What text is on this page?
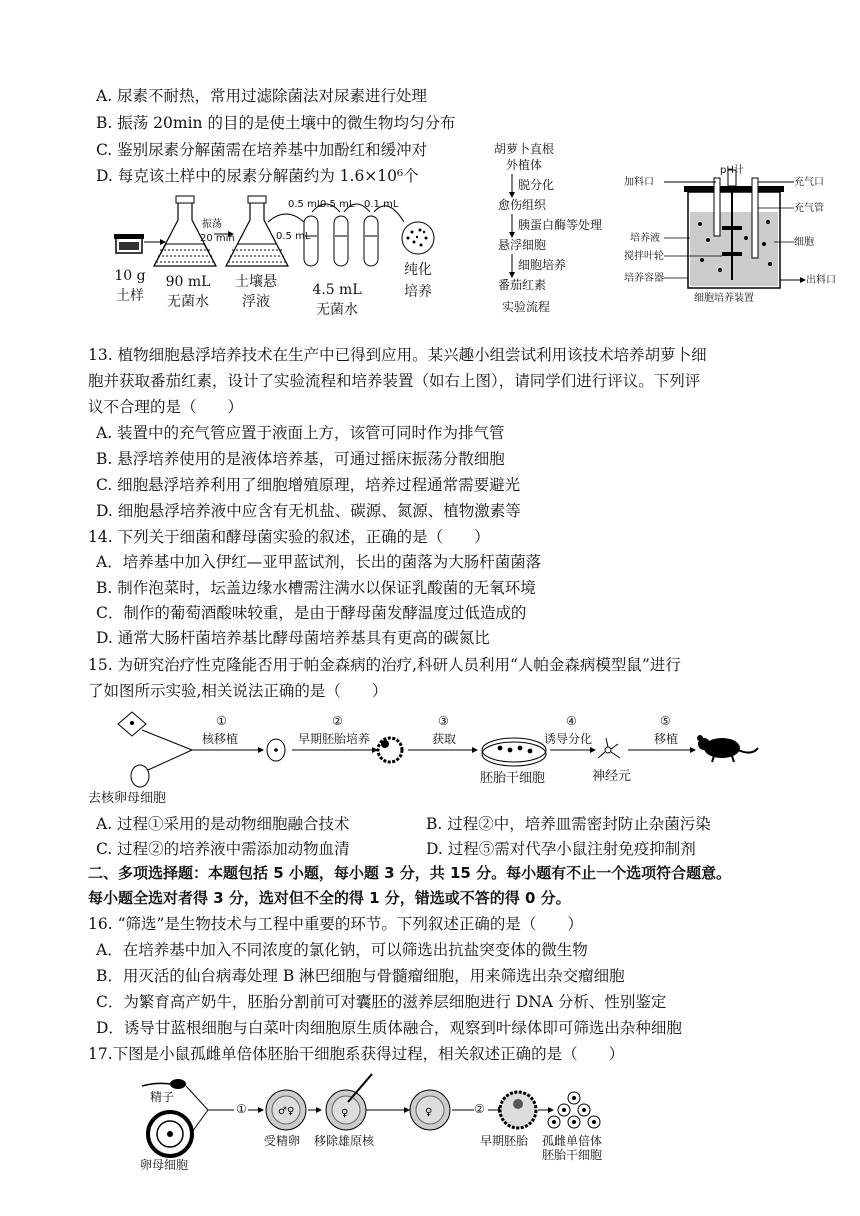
A. 尿素不耐热，常用过滤除菌法对尿素进行处理
B. 振荡 20min 的目的是使土壤中的微生物均匀分布
C. 鉴别尿素分解菌需在培养基中加酚红和缓冲对
D. 每克该土样中的尿素分解菌约为 1.6×10⁶个
振荡
20 min
0.5 mL
0.5 mL
0.5 mL 0.1 mL
10 g
土样
90 mL
无菌水
土壤悬
浮液
4.5 mL
无菌水
纯化
培养
胡萝卜直根
外植体
脱分化
愈伤组织
胰蛋白酶等处理
悬浮细胞
细胞培养
番茄红素
实验流程
加料口
pH计
充气口
充气管
培养液	细胞
搅拌叶轮
培养容器	出料口
细胞培养装置
13. 植物细胞悬浮培养技术在生产中已得到应用。某兴趣小组尝试利用该技术培养胡萝卜细
胞并获取番茄红素，设计了实验流程和培养装置（如右上图），请同学们进行评议。下列评
议不合理的是（　　）
A. 装置中的充气管应置于液面上方，该管可同时作为排气管
B. 悬浮培养使用的是液体培养基，可通过摇床振荡分散细胞
C. 细胞悬浮培养利用了细胞增殖原理，培养过程通常需要避光
D. 细胞悬浮培养液中应含有无机盐、碳源、氮源、植物激素等
14. 下列关于细菌和酵母菌实验的叙述，正确的是（　　）
A．培养基中加入伊红—亚甲蓝试剂，长出的菌落为大肠杆菌菌落
B. 制作泡菜时，坛盖边缘水槽需注满水以保证乳酸菌的无氧环境
C．制作的葡萄酒酸味较重，是由于酵母菌发酵温度过低造成的
D. 通常大肠杆菌培养基比酵母菌培养基具有更高的碳氮比
15. 为研究治疗性克隆能否用于帕金森病的治疗,科研人员利用“人帕金森病模型鼠”进行
了如图所示实验,相关说法正确的是（　　）
①
核移植
②
早期胚胎培养
③
获取
④
诱导分化
⑤
移植
胚胎干细胞	神经元
去核卵母细胞
A. 过程①采用的是动物细胞融合技术	B. 过程②中，培养皿需密封防止杂菌污染
C. 过程②的培养液中需添加动物血清	D. 过程⑤需对代孕小鼠注射免疫抑制剂
二、多项选择题：本题包括 5 小题，每小题 3 分，共 15 分。每小题有不止一个选项符合题意。
每小题全选对者得 3 分，选对但不全的得 1 分，错选或不答的得 0 分。
16. “筛选”是生物技术与工程中重要的环节。下列叙述正确的是（　　）
A．在培养基中加入不同浓度的氯化钠，可以筛选出抗盐突变体的微生物
B．用灭活的仙台病毒处理 B 淋巴细胞与骨髓瘤细胞，用来筛选出杂交瘤细胞
C．为繁育高产奶牛，胚胎分割前可对囊胚的滋养层细胞进行 DNA 分析、性别鉴定
D．诱导甘蓝根细胞与白菜叶肉细胞原生质体融合，观察到叶绿体即可筛选出杂种细胞
17.下图是小鼠孤雌单倍体胚胎干细胞系获得过程，相关叙述正确的是（　　）
♂ ♀	♀	♀
精子
卵母细胞
①
受精卵 移除雄原核
②
早期胚胎 孤雌单倍体
胚胎干细胞
